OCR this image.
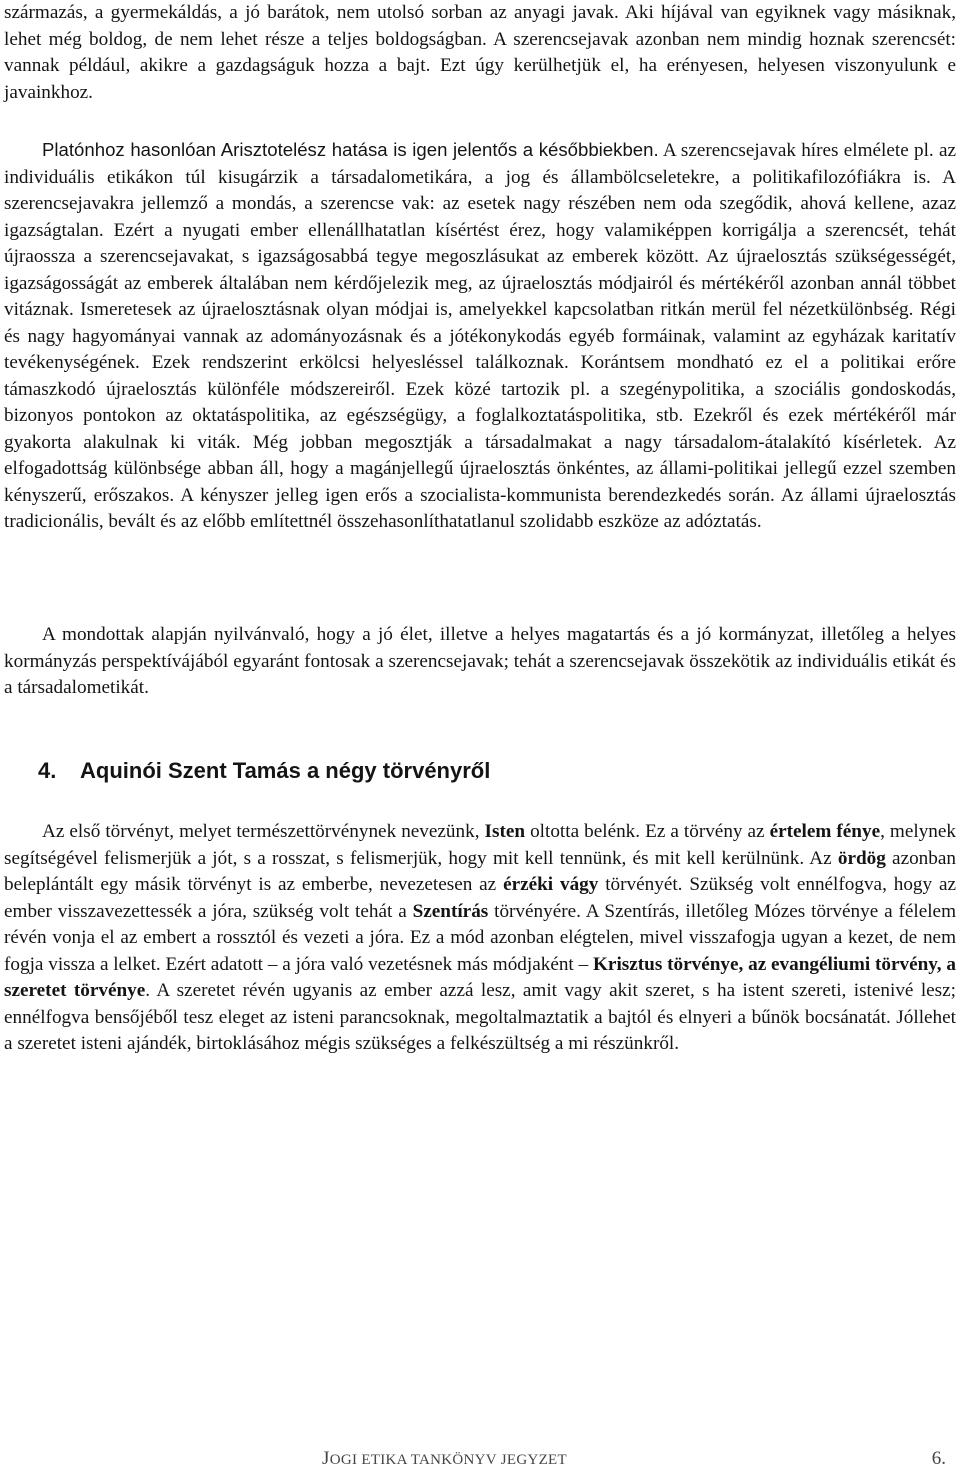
származás, a gyermekáldás, a jó barátok, nem utolsó sorban az anyagi javak. Aki híjával van egyiknek vagy másiknak, lehet még boldog, de nem lehet része a teljes boldogságban. A szerencsejavak azonban nem mindig hoznak szerencsét: vannak például, akikre a gazdagságuk hozza a bajt. Ezt úgy kerülhetjük el, ha erényesen, helyesen viszonyulunk e javainkhoz.

Platónhoz hasonlóan Arisztotelész hatása is igen jelentős a későbbiekben. A szerencsejavak híres elmélete pl. az individuális etikákon túl kisugárzik a társadalometikára, a jog és állambölcseletekre, a politikafilozófiákra is. A szerencsejavakra jellemző a mondás, a szerencse vak: az esetek nagy részében nem oda szegődik, ahová kellene, azaz igazságtalan. Ezért a nyugati ember ellenállhatatlan kísértést érez, hogy valamiképpen korrigálja a szerencsét, tehát újraossza a szerencsejavakat, s igazságosabbá tegye megoszlásukat az emberek között. Az újraelosztás szükségességét, igazságosságát az emberek általában nem kérdőjelezik meg, az újraelosztás módjairól és mértékéről azonban annál többet vitáznak. Ismeretesek az újraelosztásnak olyan módjai is, amelyekkel kapcsolatban ritkán merül fel nézetkülönbség. Régi és nagy hagyományai vannak az adományozásnak és a jótékonykodás egyéb formáinak, valamint az egyházak karitatív tevékenységének. Ezek rendszerint erkölcsi helyesléssel találkoznak. Korántsem mondható ez el a politikai erőre támaszkodó újraelosztás különféle módszereiről. Ezek közé tartozik pl. a szegénypolitika, a szociális gondoskodás, bizonyos pontokon az oktatáspolitika, az egészségügy, a foglalkoztatáspolitika, stb. Ezekről és ezek mértékéről már gyakorta alakulnak ki viták. Még jobban megosztják a társadalmakat a nagy társadalom-átalakító kísérletek. Az elfogadottság különbsége abban áll, hogy a magánjellegű újraelosztás önkéntes, az állami-politikai jellegű ezzel szemben kényszerű, erőszakos. A kényszer jelleg igen erős a szocialista-kommunista berendezkedés során. Az állami újraelosztás tradicionális, bevált és az előbb említettnél összehasonlíthatatlanul szolidabb eszköze az adóztatás.

A mondottak alapján nyilvánvaló, hogy a jó élet, illetve a helyes magatartás és a jó kormányzat, illetőleg a helyes kormányzás perspektívájából egyaránt fontosak a szerencsejavak; tehát a szerencsejavak összekötik az individuális etikát és a társadalometikát.

4. Aquinói Szent Tamás a négy törvényről

Az első törvényt, melyet természettörvénynek nevezünk, Isten oltotta belénk. Ez a törvény az értelem fénye, melynek segítségével felismerjük a jót, s a rosszat, s felismerjük, hogy mit kell tennünk, és mit kell kerülnünk. Az ördög azonban beleplántált egy másik törvényt is az emberbe, nevezetesen az érzéki vágy törvényét. Szükség volt ennélfogva, hogy az ember visszavezettessék a jóra, szükség volt tehát a Szentírás törvényére. A Szentírás, illetőleg Mózes törvénye a félelem révén vonja el az embert a rossztól és vezeti a jóra. Ez a mód azonban elégtelen, mivel visszafogja ugyan a kezet, de nem fogja vissza a lelket. Ezért adatott – a jóra való vezetésnek más módjaként – Krisztus törvénye, az evangéliumi törvény, a szeretet törvénye. A szeretet révén ugyanis az ember azzá lesz, amit vagy akit szeret, s ha istent szereti, istenivé lesz; ennélfogva bensőjéből tesz eleget az isteni parancsoknak, megoltalmaztatik a bajtól és elnyeri a bűnök bocsánatát. Jóllehet a szeretet isteni ajándék, birtoklásához mégis szükséges a felkészültség a mi részünkről.

JOGI ETIKA TANKÖNYV JEGYZET	6.
